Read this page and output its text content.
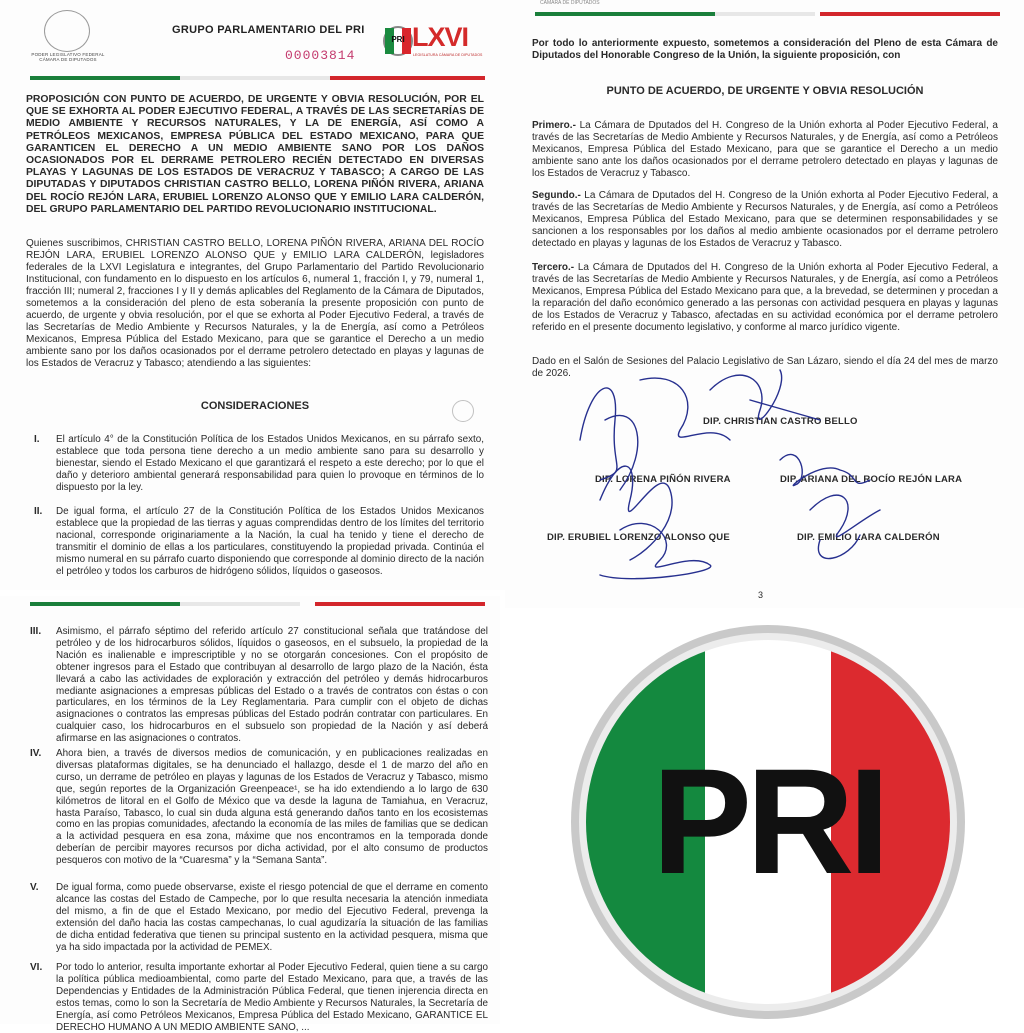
PODER LEGISLATIVO FEDERAL CÁMARA DE DIPUTADOS
GRUPO PARLAMENTARIO DEL PRI
00003814
PRI LXVI
LEGISLATURA CÁMARA DE DIPUTADOS
PROPOSICIÓN CON PUNTO DE ACUERDO, DE URGENTE Y OBVIA RESOLUCIÓN, POR EL QUE SE EXHORTA AL PODER EJECUTIVO FEDERAL, A TRAVÉS DE LAS SECRETARÍAS DE MEDIO AMBIENTE Y RECURSOS NATURALES, Y LA DE ENERGÍA, ASÍ COMO A PETRÓLEOS MEXICANOS, EMPRESA PÚBLICA DEL ESTADO MEXICANO, PARA QUE GARANTICEN EL DERECHO A UN MEDIO AMBIENTE SANO POR LOS DAÑOS OCASIONADOS POR EL DERRAME PETROLERO RECIÉN DETECTADO EN DIVERSAS PLAYAS Y LAGUNAS DE LOS ESTADOS DE VERACRUZ Y TABASCO; A CARGO DE LAS DIPUTADAS Y DIPUTADOS CHRISTIAN CASTRO BELLO, LORENA PIÑÓN RIVERA, ARIANA DEL ROCÍO REJÓN LARA, ERUBIEL LORENZO ALONSO QUE Y EMILIO LARA CALDERÓN, DEL GRUPO PARLAMENTARIO DEL PARTIDO REVOLUCIONARIO INSTITUCIONAL.
Quienes suscribimos, CHRISTIAN CASTRO BELLO, LORENA PIÑÓN RIVERA, ARIANA DEL ROCÍO REJÓN LARA, ERUBIEL LORENZO ALONSO QUE y EMILIO LARA CALDERÓN, legisladores federales de la LXVI Legislatura e integrantes, del Grupo Parlamentario del Partido Revolucionario Institucional, con fundamento en lo dispuesto en los artículos 6, numeral 1, fracción I, y 79, numeral 1, fracción III; numeral 2, fracciones I y II y demás aplicables del Reglamento de la Cámara de Diputados, sometemos a la consideración del pleno de esta soberanía la presente proposición con punto de acuerdo, de urgente y obvia resolución, por el que se exhorta al Poder Ejecutivo Federal, a través de las Secretarías de Medio Ambiente y Recursos Naturales, y la de Energía, así como a Petróleos Mexicanos, Empresa Pública del Estado Mexicano, para que se garantice el Derecho a un medio ambiente sano por los daños ocasionados por el derrame petrolero detectado en playas y lagunas de los Estados de Veracruz y Tabasco; atendiendo a las siguientes:
CONSIDERACIONES
I. El artículo 4° de la Constitución Política de los Estados Unidos Mexicanos, en su párrafo sexto, establece que toda persona tiene derecho a un medio ambiente sano para su desarrollo y bienestar, siendo el Estado Mexicano el que garantizará el respeto a este derecho; por lo que el daño y deterioro ambiental generará responsabilidad para quien lo provoque en términos de lo dispuesto por la ley.
II. De igual forma, el artículo 27 de la Constitución Política de los Estados Unidos Mexicanos establece que la propiedad de las tierras y aguas comprendidas dentro de los límites del territorio nacional, corresponde originariamente a la Nación, la cual ha tenido y tiene el derecho de transmitir el dominio de ellas a los particulares, constituyendo la propiedad privada. Continúa el mismo numeral en su párrafo cuarto disponiendo que corresponde al dominio directo de la nación el petróleo y todos los carburos de hidrógeno sólidos, líquidos o gaseosos.
CÁMARA DE DIPUTADOS
Por todo lo anteriormente expuesto, sometemos a consideración del Pleno de esta Cámara de Diputados del Honorable Congreso de la Unión, la siguiente proposición, con
PUNTO DE ACUERDO, DE URGENTE Y OBVIA RESOLUCIÓN
Primero.- La Cámara de Dputados del H. Congreso de la Unión exhorta al Poder Ejecutivo Federal, a través de las Secretarías de Medio Ambiente y Recursos Naturales, y de Energía, así como a Petróleos Mexicanos, Empresa Pública del Estado Mexicano, para que se garantice el Derecho a un medio ambiente sano ante los daños ocasionados por el derrame petrolero detectado en playas y lagunas de los Estados de Veracruz y Tabasco.
Segundo.- La Cámara de Dputados del H. Congreso de la Unión exhorta al Poder Ejecutivo Federal, a través de las Secretarías de Medio Ambiente y Recursos Naturales, y de Energía, así como a Petróleos Mexicanos, Empresa Pública del Estado Mexicano, para que se determinen responsabilidades y se sancionen a los responsables por los daños al medio ambiente ocasionados por el derrame petrolero detectado en playas y lagunas de los Estados de Veracruz y Tabasco.
Tercero.- La Cámara de Dputados del H. Congreso de la Unión exhorta al Poder Ejecutivo Federal, a través de las Secretarías de Medio Ambiente y Recursos Naturales, y de Energía, así como a Petróleos Mexicanos, Empresa Pública del Estado Mexicano para que, a la brevedad, se determinen y procedan a la reparación del daño económico generado a las personas con actividad pesquera en playas y lagunas de los Estados de Veracruz y Tabasco, afectadas en su actividad económica por el derrame petrolero referido en el presente documento legislativo, y conforme al marco jurídico vigente.
Dado en el Salón de Sesiones del Palacio Legislativo de San Lázaro, siendo el día 24 del mes de marzo de 2026.
DIP. CHRISTIAN CASTRO BELLO
DIP. LORENA PIÑÓN RIVERA	DIP. ARIANA DEL ROCÍO REJÓN LARA
DIP. ERUBIEL LORENZO ALONSO QUE	DIP. EMILIO LARA CALDERÓN
3
III. Asimismo, el párrafo séptimo del referido artículo 27 constitucional señala que tratándose del petróleo y de los hidrocarburos sólidos, líquidos o gaseosos, en el subsuelo, la propiedad de la Nación es inalienable e imprescriptible y no se otorgarán concesiones. Con el propósito de obtener ingresos para el Estado que contribuyan al desarrollo de largo plazo de la Nación, ésta llevará a cabo las actividades de exploración y extracción del petróleo y demás hidrocarburos mediante asignaciones a empresas públicas del Estado o a través de contratos con éstas o con particulares, en los términos de la Ley Reglamentaria. Para cumplir con el objeto de dichas asignaciones o contratos las empresas públicas del Estado podrán contratar con particulares. En cualquier caso, los hidrocarburos en el subsuelo son propiedad de la Nación y así deberá afirmarse en las asignaciones o contratos.
IV. Ahora bien, a través de diversos medios de comunicación, y en publicaciones realizadas en diversas plataformas digitales, se ha denunciado el hallazgo, desde el 1 de marzo del año en curso, un derrame de petróleo en playas y lagunas de los Estados de Veracruz y Tabasco, mismo que, según reportes de la Organización Greenpeace¹, se ha ido extendiendo a lo largo de 630 kilómetros de litoral en el Golfo de México que va desde la laguna de Tamiahua, en Veracruz, hasta Paraíso, Tabasco, lo cual sin duda alguna está generando daños tanto en los ecosistemas como en las propias comunidades, afectando la economía de las miles de familias que se dedican a la actividad pesquera en esa zona, máxime que nos encontramos en la temporada donde deberían de percibir mayores recursos por dicha actividad, por el alto consumo de productos pesqueros con motivo de la “Cuaresma” y la “Semana Santa”.
V. De igual forma, como puede observarse, existe el riesgo potencial de que el derrame en comento alcance las costas del Estado de Campeche, por lo que resulta necesaria la atención inmediata del mismo, a fin de que el Estado Mexicano, por medio del Ejecutivo Federal, prevenga la extensión del daño hacia las costas campechanas, lo cual agudizaría la situación de las familias de dicha entidad federativa que tienen su principal sustento en la actividad pesquera, misma que ya ha sido impactada por la actividad de PEMEX.
VI. Por todo lo anterior, resulta importante exhortar al Poder Ejecutivo Federal, quien tiene a su cargo la política pública medioambiental, como parte del Estado Mexicano, para que, a través de las Dependencias y Entidades de la Administración Pública Federal, que tienen injerencia directa en estos temas, como lo son la Secretaría de Medio Ambiente y Recursos Naturales, la Secretaría de Energía, así como Petróleos Mexicanos, Empresa Pública del Estado Mexicano, GARANTICE EL DERECHO HUMANO A UN MEDIO AMBIENTE SANO, ...
PRI
